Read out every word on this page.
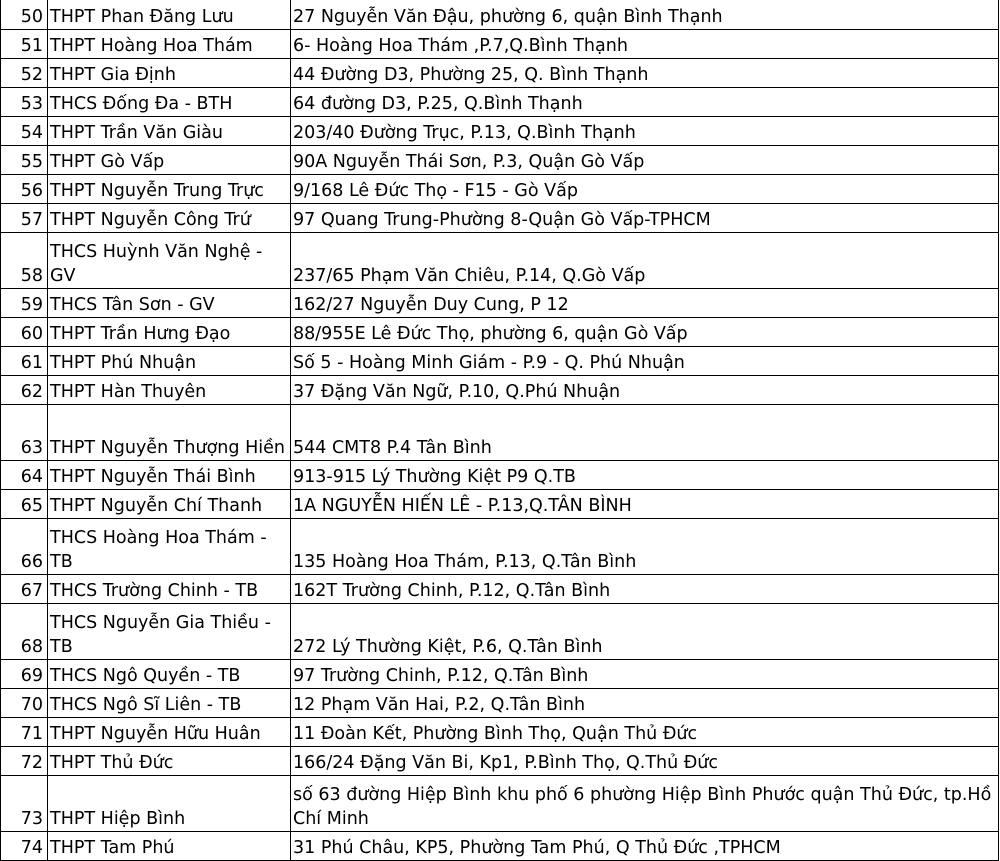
50	THPT Phan Đăng Lưu	27 Nguyễn Văn Đậu, phường 6, quận Bình Thạnh
51	THPT Hoàng Hoa Thám	6- Hoàng Hoa Thám ,P.7,Q.Bình Thạnh
52	THPT Gia Định	44 Đường D3, Phường 25, Q. Bình Thạnh
53	THCS Đống Đa - BTH	64 đường D3, P.25, Q.Bình Thạnh
54	THPT Trần Văn Giàu	203/40 Đường Trục, P.13, Q.Bình Thạnh
55	THPT Gò Vấp	90A Nguyễn Thái Sơn, P.3, Quận Gò Vấp
56	THPT Nguyễn Trung Trực	9/168 Lê Đức Thọ - F15 - Gò Vấp
57	THPT Nguyễn Công Trứ	97 Quang Trung-Phường 8-Quận Gò Vấp-TPHCM
58	THCS Huỳnh Văn Nghệ - GV	237/65 Phạm Văn Chiêu, P.14, Q.Gò Vấp
59	THCS Tân Sơn - GV	162/27 Nguyễn Duy Cung, P 12
60	THPT Trần Hưng Đạo	88/955E Lê Đức Thọ, phường 6, quận Gò Vấp
61	THPT Phú Nhuận	Số 5 - Hoàng Minh Giám - P.9 - Q. Phú Nhuận
62	THPT Hàn Thuyên	37 Đặng Văn Ngữ, P.10, Q.Phú Nhuận
63	THPT Nguyễn Thượng Hiền	544 CMT8 P.4 Tân Bình
64	THPT Nguyễn Thái Bình	913-915 Lý Thường Kiệt P9 Q.TB
65	THPT Nguyễn Chí Thanh	1A NGUYỄN HIẾN LÊ - P.13,Q.TÂN BÌNH
66	THCS Hoàng Hoa Thám - TB	135 Hoàng Hoa Thám, P.13, Q.Tân Bình
67	THCS Trường Chinh - TB	162T Trường Chinh, P.12, Q.Tân Bình
68	THCS Nguyễn Gia Thiều - TB	272 Lý Thường Kiệt, P.6, Q.Tân Bình
69	THCS Ngô Quyền - TB	97 Trường Chinh, P.12, Q.Tân Bình
70	THCS Ngô Sĩ Liên - TB	12 Phạm Văn Hai, P.2, Q.Tân Bình
71	THPT Nguyễn Hữu Huân	11 Đoàn Kết, Phường Bình Thọ, Quận Thủ Đức
72	THPT Thủ Đức	166/24 Đặng Văn Bi, Kp1, P.Bình Thọ, Q.Thủ Đức
73	THPT Hiệp Bình	số 63 đường Hiệp Bình khu phố 6 phường Hiệp Bình Phước quận Thủ Đức, tp.Hồ Chí Minh
74	THPT Tam Phú	31 Phú Châu, KP5, Phường Tam Phú, Q Thủ Đức ,TPHCM
